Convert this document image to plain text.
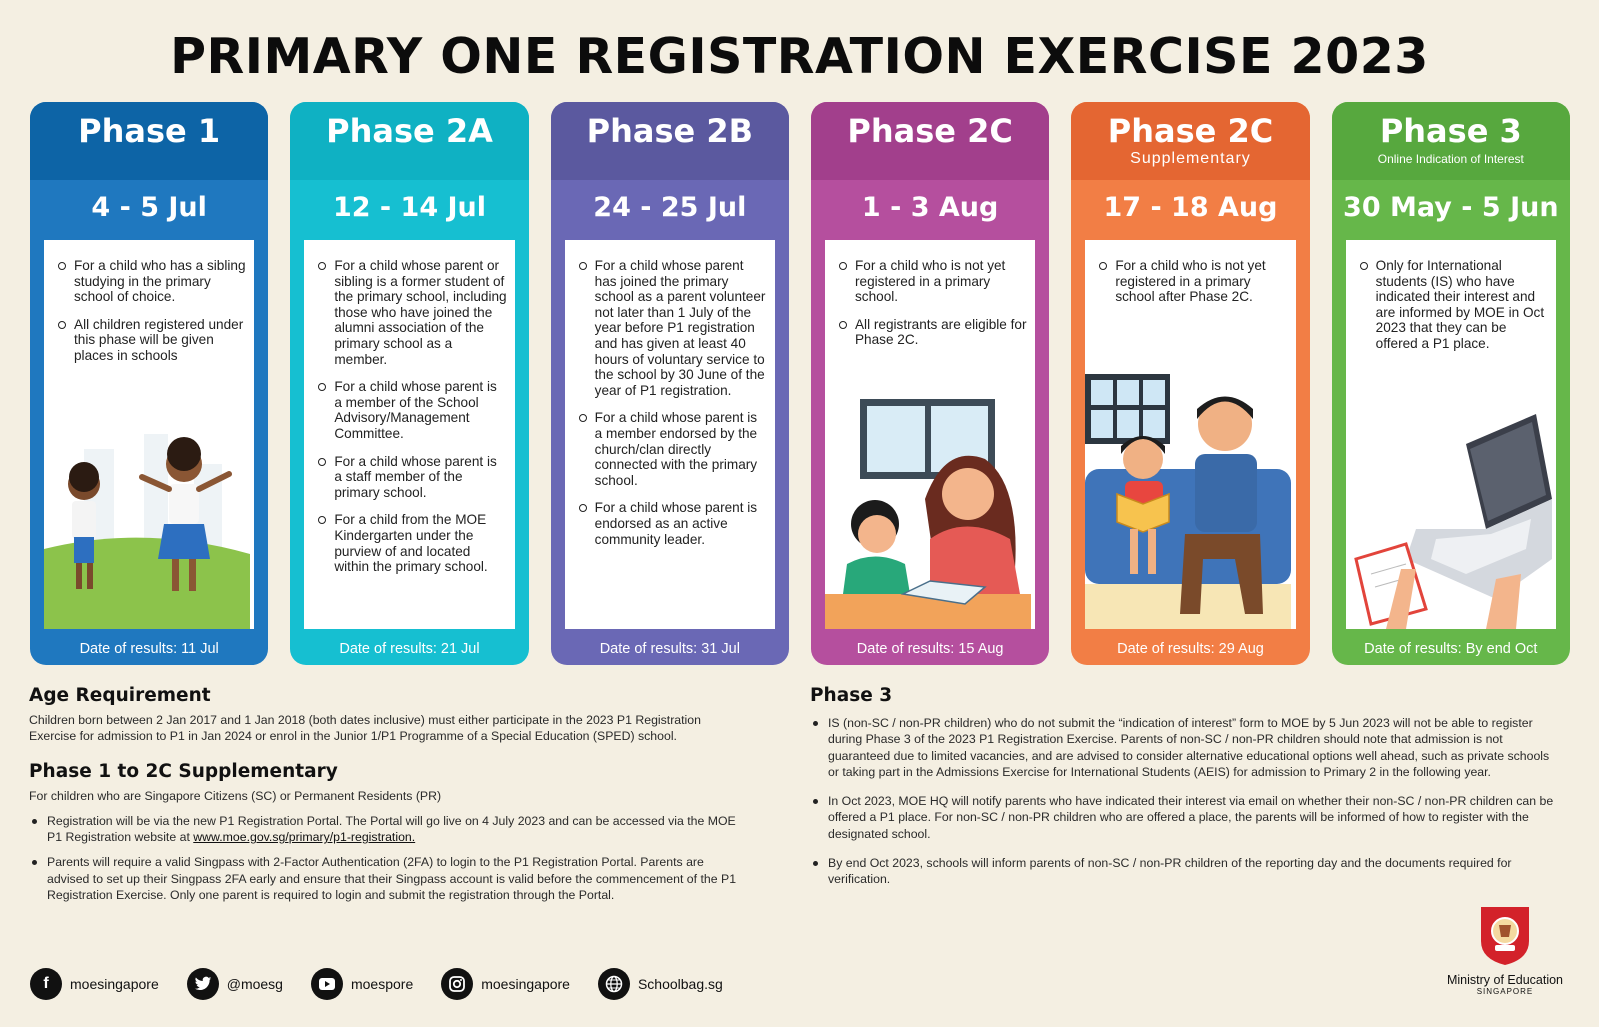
PRIMARY ONE REGISTRATION EXERCISE 2023
Phase 1
4 - 5 Jul
For a child who has a sibling studying in the primary school of choice.
All children registered under this phase will be given places in schools
Date of results: 11 Jul
Phase 2A
12 - 14 Jul
For a child whose parent or sibling is a former student of the primary school, including those who have joined the alumni association of the primary school as a member.
For a child whose parent is a member of the School Advisory/Management Committee.
For a child whose parent is a staff member of the primary school.
For a child from the MOE Kindergarten under the purview of and located within the primary school.
Date of results: 21 Jul
Phase 2B
24 - 25 Jul
For a child whose parent has joined the primary school as a parent volunteer not later than 1 July of the year before P1 registration and has given at least 40 hours of voluntary service to the school by 30 June of the year of P1 registration.
For a child whose parent is a member endorsed by the church/clan directly connected with the primary school.
For a child whose parent is endorsed as an active community leader.
Date of results: 31 Jul
Phase 2C
1 - 3 Aug
For a child who is not yet registered in a primary school.
All registrants are eligible for Phase 2C.
Date of results: 15 Aug
Phase 2C
Supplementary
17 - 18 Aug
For a child who is not yet registered in a primary school after Phase 2C.
Date of results: 29 Aug
Phase 3
Online Indication of Interest
30 May - 5 Jun
Only for International students (IS) who have indicated their interest and are informed by MOE in Oct 2023 that they can be offered a P1 place.
Date of results: By end Oct
Age Requirement
Children born between 2 Jan 2017 and 1 Jan 2018 (both dates inclusive) must either participate in the 2023 P1 Registration Exercise for admission to P1 in Jan 2024 or enrol in the Junior 1/P1 Programme of a Special Education (SPED) school.
Phase 1 to 2C Supplementary
For children who are Singapore Citizens (SC) or Permanent Residents (PR)
Registration will be via the new P1 Registration Portal. The Portal will go live on 4 July 2023 and can be accessed via the MOE P1 Registration website at www.moe.gov.sg/primary/p1-registration.
Parents will require a valid Singpass with 2-Factor Authentication (2FA) to login to the P1 Registration Portal. Parents are advised to set up their Singpass 2FA early and ensure that their Singpass account is valid before the commencement of the P1 Registration Exercise. Only one parent is required to login and submit the registration through the Portal.
Phase 3
IS (non-SC / non-PR children) who do not submit the “indication of interest” form to MOE by 5 Jun 2023 will not be able to register during Phase 3 of the 2023 P1 Registration Exercise. Parents of non-SC / non-PR children should note that admission is not guaranteed due to limited vacancies, and are advised to consider alternative educational options well ahead, such as private schools or taking part in the Admissions Exercise for International Students (AEIS) for admission to Primary 2 in the following year.
In Oct 2023, MOE HQ will notify parents who have indicated their interest via email on whether their non-SC / non-PR children can be offered a P1 place. For non-SC / non-PR children who are offered a place, the parents will be informed of how to register with the designated school.
By end Oct 2023, schools will inform parents of non-SC / non-PR children of the reporting day and the documents required for verification.
f	moesingapore	@moesg	moespore	moesingapore	Schoolbag.sg	Ministry of Education
SINGAPORE
